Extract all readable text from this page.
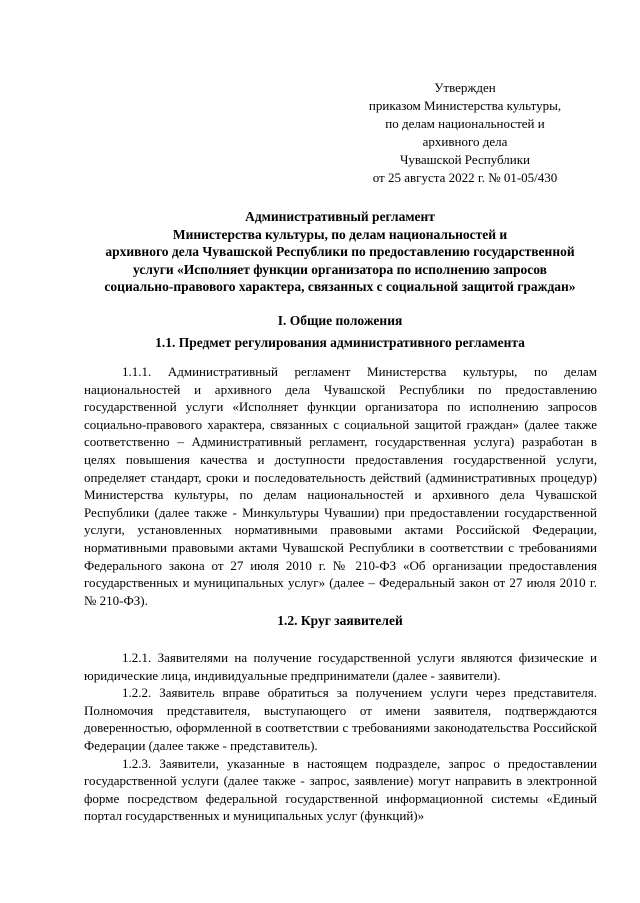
Утвержден
приказом Министерства культуры,
по делам национальностей и
архивного дела
Чувашской Республики
от 25 августа 2022 г. № 01-05/430
Административный регламент
Министерства культуры, по делам национальностей и
архивного дела Чувашской Республики по предоставлению государственной
услуги «Исполняет функции организатора по исполнению запросов
социально-правового характера, связанных с социальной защитой граждан»
I. Общие положения
1.1. Предмет регулирования административного регламента

1.1.1. Административный регламент Министерства культуры, по делам национальностей и архивного дела Чувашской Республики по предоставлению государственной услуги «Исполняет функции организатора по исполнению запросов социально-правового характера, связанных с социальной защитой граждан» (далее также соответственно – Административный регламент, государственная услуга) разработан в целях повышения качества и доступности предоставления государственной услуги, определяет стандарт, сроки и последовательность действий (административных процедур) Министерства культуры, по делам национальностей и архивного дела Чувашской Республики (далее также - Минкультуры Чувашии) при предоставлении государственной услуги, установленных нормативными правовыми актами Российской Федерации, нормативными правовыми актами Чувашской Республики в соответствии с требованиями Федерального закона от 27 июля 2010 г. № 210-ФЗ «Об организации предоставления государственных и муниципальных услуг» (далее – Федеральный закон от 27 июля 2010 г. № 210-ФЗ).

1.2. Круг заявителей

1.2.1. Заявителями на получение государственной услуги являются физические и юридические лица, индивидуальные предприниматели (далее - заявители).

1.2.2. Заявитель вправе обратиться за получением услуги через представителя. Полномочия представителя, выступающего от имени заявителя, подтверждаются доверенностью, оформленной в соответствии с требованиями законодательства Российской Федерации (далее также - представитель).

1.2.3. Заявители, указанные в настоящем подразделе, запрос о предоставлении государственной услуги (далее также - запрос, заявление) могут направить в электронной форме посредством федеральной государственной информационной системы «Единый портал государственных и муниципальных услуг (функций)»
